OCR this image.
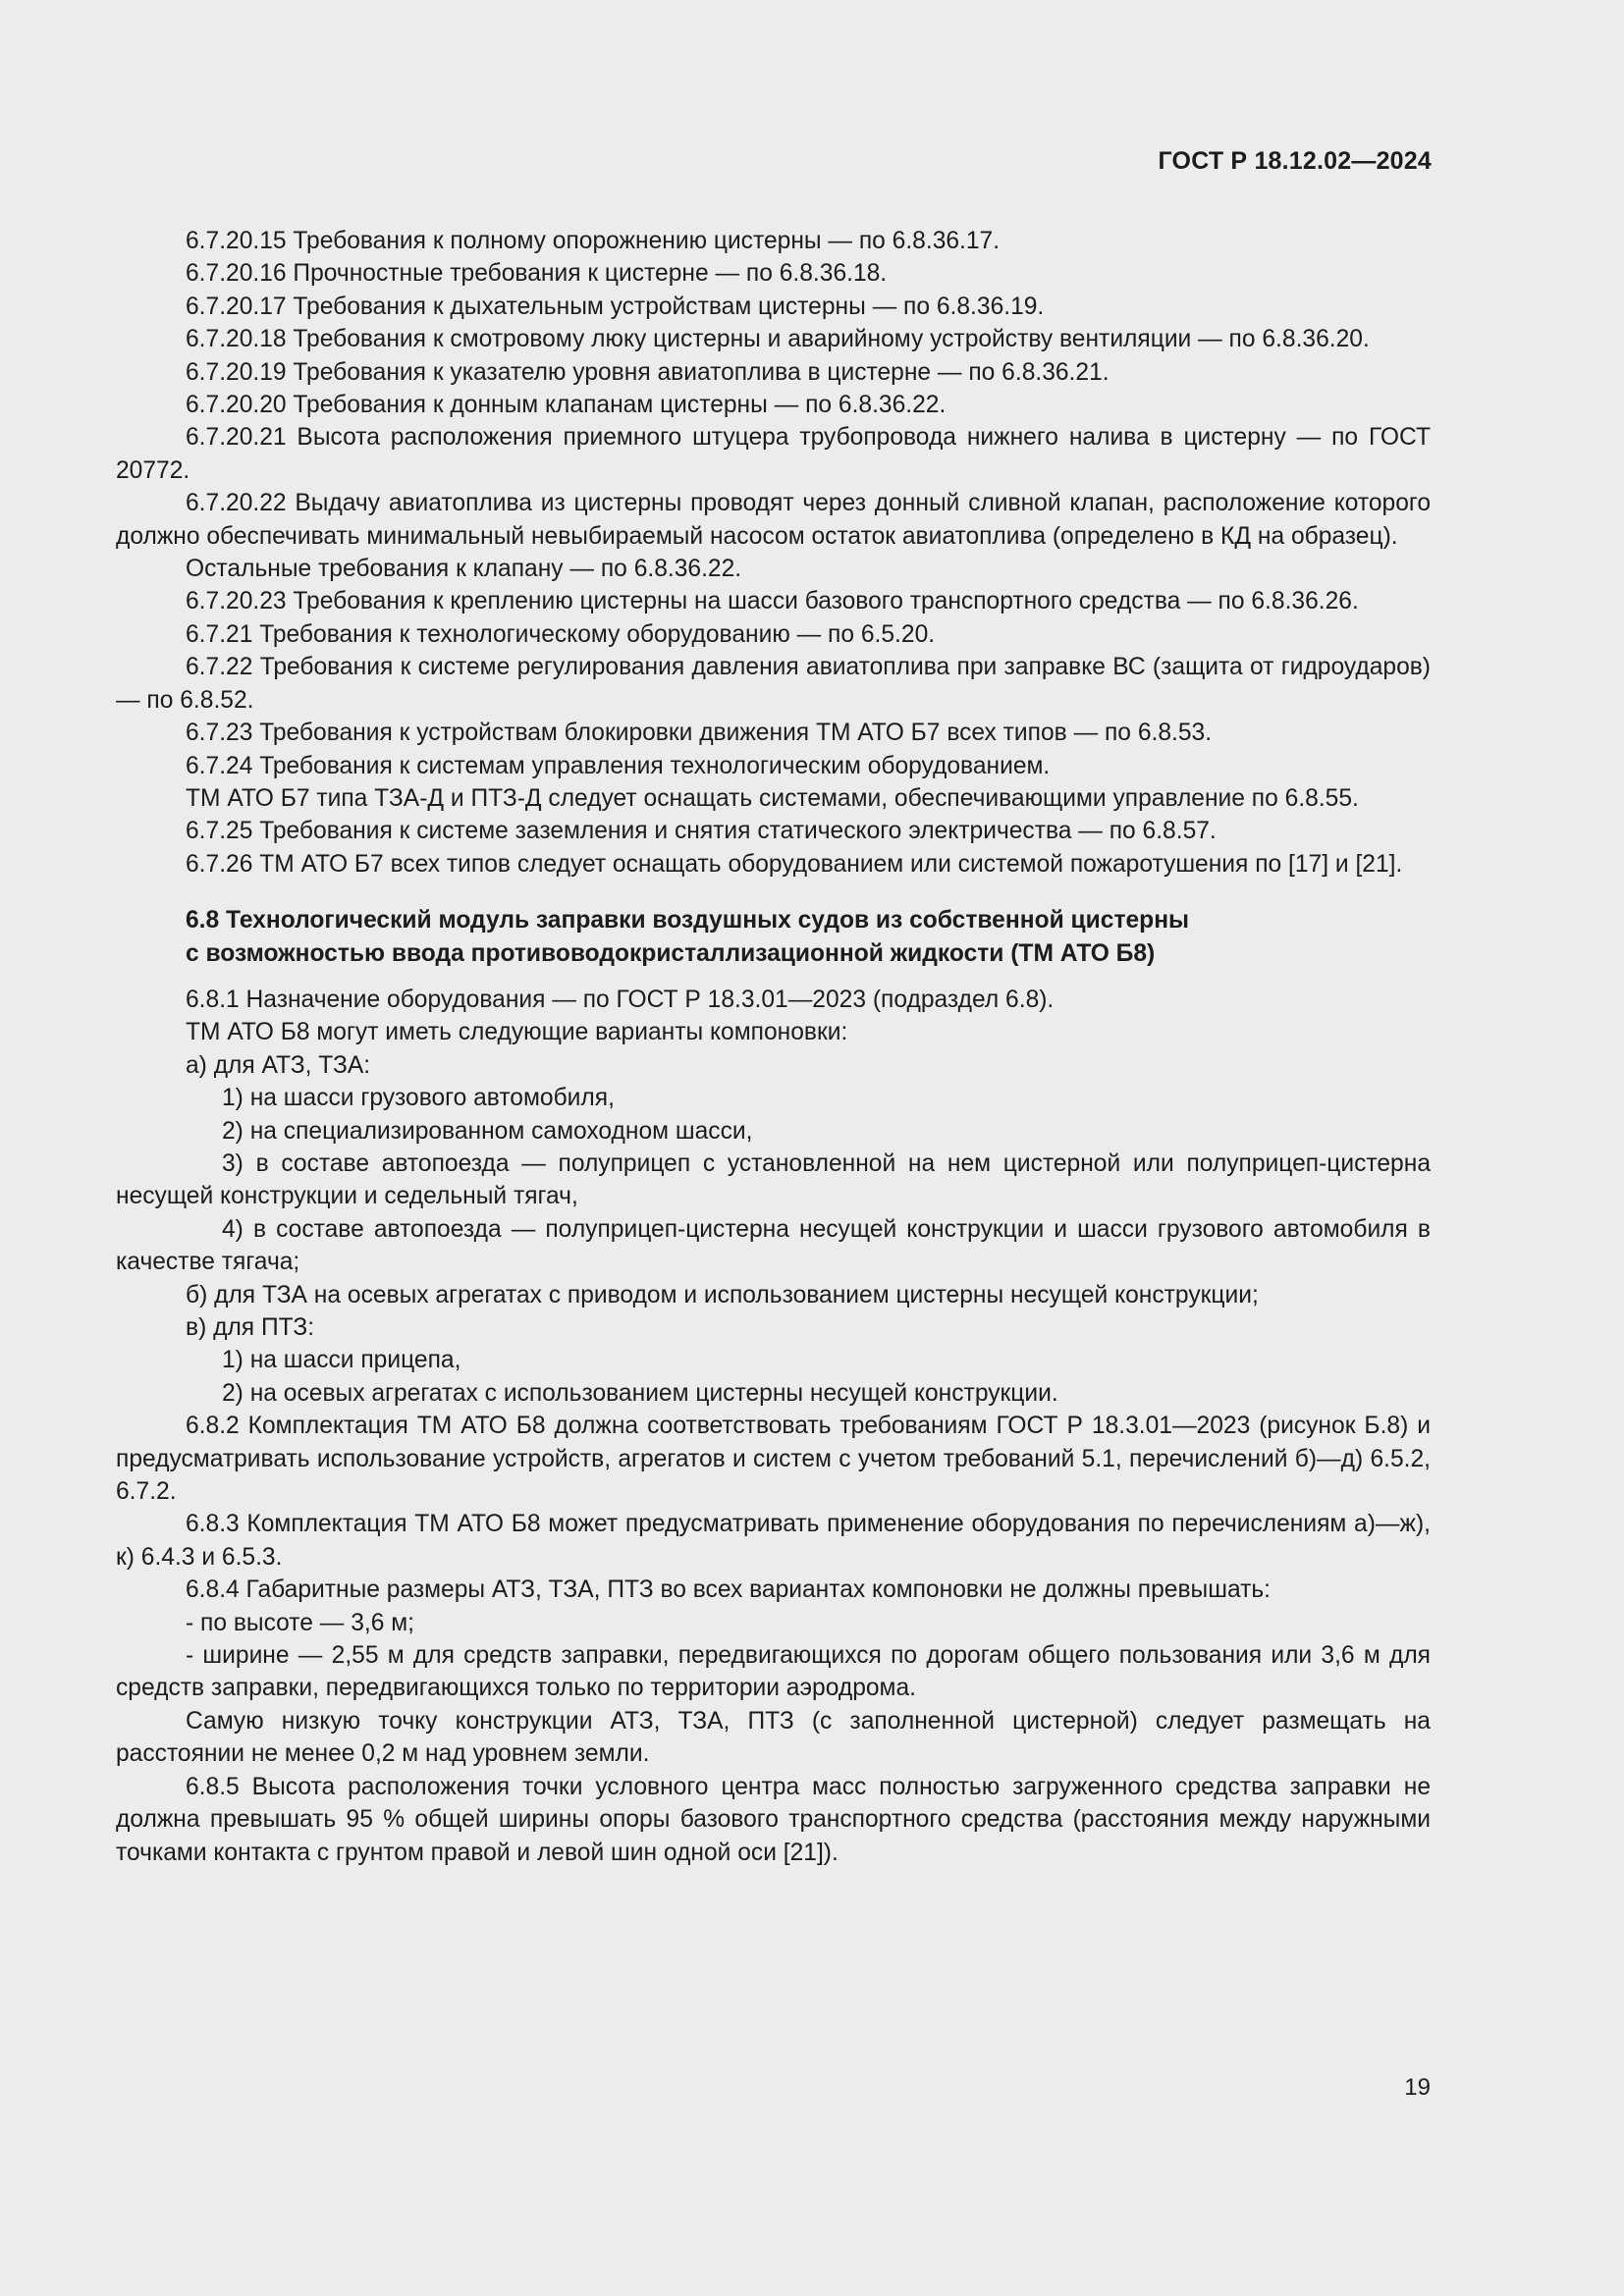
ГОСТ Р 18.12.02—2024

6.7.20.15 Требования к полному опорожнению цистерны — по 6.8.36.17.

6.7.20.16 Прочностные требования к цистерне — по 6.8.36.18.

6.7.20.17 Требования к дыхательным устройствам цистерны — по 6.8.36.19.

6.7.20.18 Требования к смотровому люку цистерны и аварийному устройству вентиляции — по 6.8.36.20.

6.7.20.19 Требования к указателю уровня авиатоплива в цистерне — по 6.8.36.21.

6.7.20.20 Требования к донным клапанам цистерны — по 6.8.36.22.

6.7.20.21 Высота расположения приемного штуцера трубопровода нижнего налива в цистерну — по ГОСТ 20772.

6.7.20.22 Выдачу авиатоплива из цистерны проводят через донный сливной клапан, расположение которого должно обеспечивать минимальный невыбираемый насосом остаток авиатоплива (определено в КД на образец).

Остальные требования к клапану — по 6.8.36.22.

6.7.20.23 Требования к креплению цистерны на шасси базового транспортного средства — по 6.8.36.26.

6.7.21 Требования к технологическому оборудованию — по 6.5.20.

6.7.22 Требования к системе регулирования давления авиатоплива при заправке ВС (защита от гидроударов) — по 6.8.52.

6.7.23 Требования к устройствам блокировки движения ТМ АТО Б7 всех типов — по 6.8.53.

6.7.24 Требования к системам управления технологическим оборудованием.

ТМ АТО Б7 типа ТЗА-Д и ПТЗ-Д следует оснащать системами, обеспечивающими управление по 6.8.55.

6.7.25 Требования к системе заземления и снятия статического электричества — по 6.8.57.

6.7.26 ТМ АТО Б7 всех типов следует оснащать оборудованием или системой пожаротушения по [17] и [21].

6.8 Технологический модуль заправки воздушных судов из собственной цистерны
с возможностью ввода противоводокристаллизационной жидкости (ТМ АТО Б8)

6.8.1 Назначение оборудования — по ГОСТ Р 18.3.01—2023 (подраздел 6.8).

ТМ АТО Б8 могут иметь следующие варианты компоновки:

а) для АТЗ, ТЗА:

1) на шасси грузового автомобиля,

2) на специализированном самоходном шасси,

3) в составе автопоезда — полуприцеп с установленной на нем цистерной или полуприцеп-цистерна несущей конструкции и седельный тягач,

4) в составе автопоезда — полуприцеп-цистерна несущей конструкции и шасси грузового автомобиля в качестве тягача;

б) для ТЗА на осевых агрегатах с приводом и использованием цистерны несущей конструкции;

в) для ПТЗ:

1) на шасси прицепа,

2) на осевых агрегатах с использованием цистерны несущей конструкции.

6.8.2 Комплектация ТМ АТО Б8 должна соответствовать требованиям ГОСТ Р 18.3.01—2023 (рисунок Б.8) и предусматривать использование устройств, агрегатов и систем с учетом требований 5.1, перечислений б)—д) 6.5.2, 6.7.2.

6.8.3 Комплектация ТМ АТО Б8 может предусматривать применение оборудования по перечислениям а)—ж), к) 6.4.3 и 6.5.3.

6.8.4 Габаритные размеры АТЗ, ТЗА, ПТЗ во всех вариантах компоновки не должны превышать:

- по высоте — 3,6 м;

- ширине — 2,55 м для средств заправки, передвигающихся по дорогам общего пользования или 3,6 м для средств заправки, передвигающихся только по территории аэродрома.

Самую низкую точку конструкции АТЗ, ТЗА, ПТЗ (с заполненной цистерной) следует размещать на расстоянии не менее 0,2 м над уровнем земли.

6.8.5 Высота расположения точки условного центра масс полностью загруженного средства заправки не должна превышать 95 % общей ширины опоры базового транспортного средства (расстояния между наружными точками контакта с грунтом правой и левой шин одной оси [21]).

19
